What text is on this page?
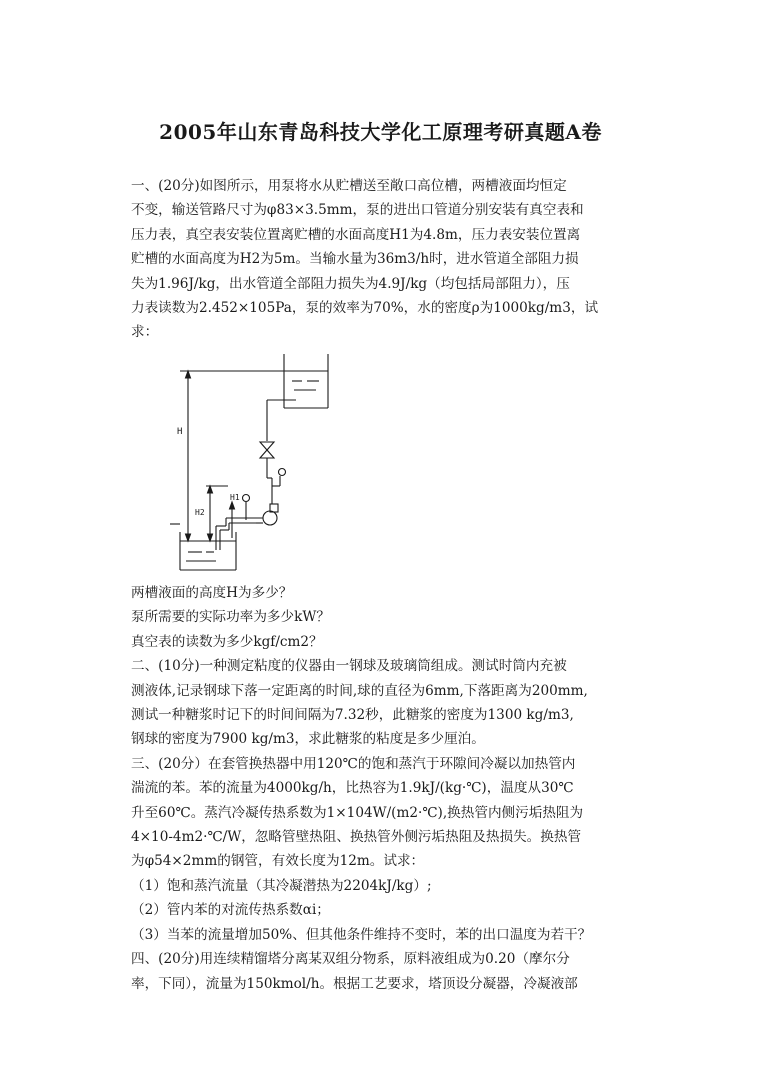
2005年山东青岛科技大学化工原理考研真题A卷
一、(20分)如图所示，用泵将水从贮槽送至敞口高位槽，两槽液面均恒定
不变，输送管路尺寸为φ83×3.5mm，泵的进出口管道分别安装有真空表和
压力表，真空表安装位置离贮槽的水面高度H1为4.8m，压力表安装位置离
贮槽的水面高度为H2为5m。当输水量为36m3/h时，进水管道全部阻力损
失为1.96J/kg，出水管道全部阻力损失为4.9J/kg（均包括局部阻力），压
力表读数为2.452×105Pa，泵的效率为70%，水的密度ρ为1000kg/m3，试
求：
H
H2
H1
两槽液面的高度H为多少？
泵所需要的实际功率为多少kW？
真空表的读数为多少kgf/cm2？
二、(10分)一种测定粘度的仪器由一钢球及玻璃筒组成。测试时筒内充被
测液体,记录钢球下落一定距离的时间,球的直径为6mm,下落距离为200mm,
测试一种糖浆时记下的时间间隔为7.32秒，此糖浆的密度为1300 kg/m3,
钢球的密度为7900 kg/m3，求此糖浆的粘度是多少厘泊。
三、(20分）在套管换热器中用120℃的饱和蒸汽于环隙间冷凝以加热管内
湍流的苯。苯的流量为4000kg/h，比热容为1.9kJ/(kg·℃)，温度从30℃
升至60℃。蒸汽冷凝传热系数为1×104W/(m2·℃),换热管内侧污垢热阻为
4×10-4m2·℃/W，忽略管壁热阻、换热管外侧污垢热阻及热损失。换热管
为φ54×2mm的钢管，有效长度为12m。试求：
（1）饱和蒸汽流量（其冷凝潜热为2204kJ/kg）;
（2）管内苯的对流传热系数αi；
（3）当苯的流量增加50%、但其他条件维持不变时，苯的出口温度为若干？
四、(20分)用连续精馏塔分离某双组分物系，原料液组成为0.20（摩尔分
率，下同），流量为150kmol/h。根据工艺要求，塔顶设分凝器，冷凝液部
